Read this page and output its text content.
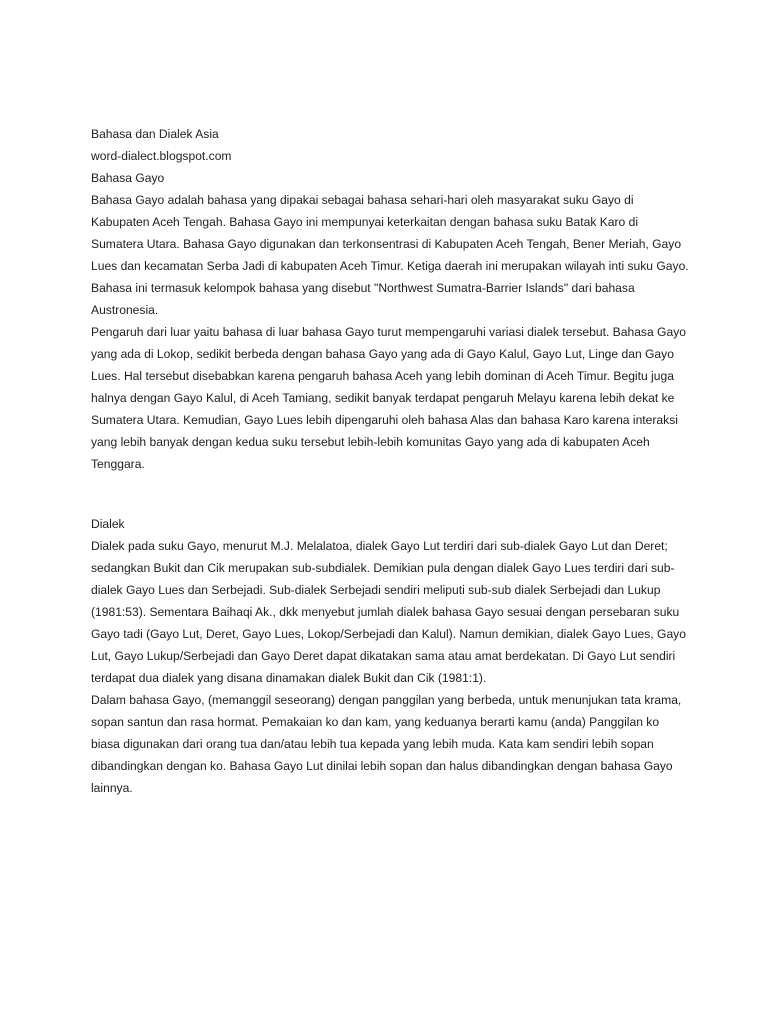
Bahasa dan Dialek Asia

word-dialect.blogspot.com

Bahasa Gayo

Bahasa Gayo adalah bahasa yang dipakai sebagai bahasa sehari-hari oleh masyarakat suku Gayo di Kabupaten Aceh Tengah. Bahasa Gayo ini mempunyai keterkaitan dengan bahasa suku Batak Karo di Sumatera Utara. Bahasa Gayo digunakan dan terkonsentrasi di Kabupaten Aceh Tengah, Bener Meriah, Gayo Lues dan kecamatan Serba Jadi di kabupaten Aceh Timur. Ketiga daerah ini merupakan wilayah inti suku Gayo. Bahasa ini termasuk kelompok bahasa yang disebut "Northwest Sumatra-Barrier Islands" dari bahasa Austronesia.

Pengaruh dari luar yaitu bahasa di luar bahasa Gayo turut mempengaruhi variasi dialek tersebut. Bahasa Gayo yang ada di Lokop, sedikit berbeda dengan bahasa Gayo yang ada di Gayo Kalul, Gayo Lut, Linge dan Gayo Lues. Hal tersebut disebabkan karena pengaruh bahasa Aceh yang lebih dominan di Aceh Timur. Begitu juga halnya dengan Gayo Kalul, di Aceh Tamiang, sedikit banyak terdapat pengaruh Melayu karena lebih dekat ke Sumatera Utara. Kemudian, Gayo Lues lebih dipengaruhi oleh bahasa Alas dan bahasa Karo karena interaksi yang lebih banyak dengan kedua suku tersebut lebih-lebih komunitas Gayo yang ada di kabupaten Aceh Tenggara.

Dialek

Dialek pada suku Gayo, menurut M.J. Melalatoa, dialek Gayo Lut terdiri dari sub-dialek Gayo Lut dan Deret; sedangkan Bukit dan Cik merupakan sub-subdialek. Demikian pula dengan dialek Gayo Lues terdiri dari sub-dialek Gayo Lues dan Serbejadi. Sub-dialek Serbejadi sendiri meliputi sub-sub dialek Serbejadi dan Lukup (1981:53). Sementara Baihaqi Ak., dkk menyebut jumlah dialek bahasa Gayo sesuai dengan persebaran suku Gayo tadi (Gayo Lut, Deret, Gayo Lues, Lokop/Serbejadi dan Kalul). Namun demikian, dialek Gayo Lues, Gayo Lut, Gayo Lukup/Serbejadi dan Gayo Deret dapat dikatakan sama atau amat berdekatan. Di Gayo Lut sendiri terdapat dua dialek yang disana dinamakan dialek Bukit dan Cik (1981:1).

Dalam bahasa Gayo, (memanggil seseorang) dengan panggilan yang berbeda, untuk menunjukan tata krama, sopan santun dan rasa hormat. Pemakaian ko dan kam, yang keduanya berarti kamu (anda) Panggilan ko biasa digunakan dari orang tua dan/atau lebih tua kepada yang lebih muda. Kata kam sendiri lebih sopan dibandingkan dengan ko. Bahasa Gayo Lut dinilai lebih sopan dan halus dibandingkan dengan bahasa Gayo lainnya.
